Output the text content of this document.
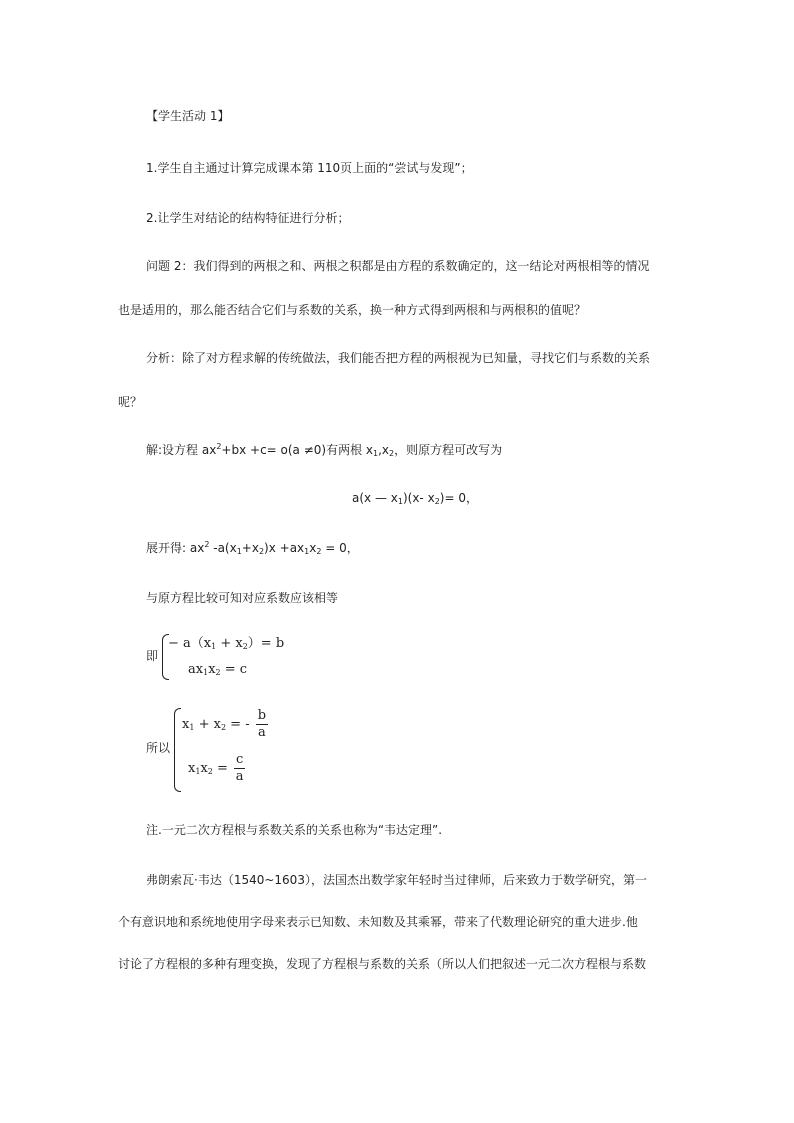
【学生活动 1】
1.学生自主通过计算完成课本第 110页上面的“尝试与发现”；
2.让学生对结论的结构特征进行分析；
问题 2：我们得到的两根之和、两根之积都是由方程的系数确定的，这一结论对两根相等的情况
也是适用的，那么能否结合它们与系数的关系，换一种方式得到两根和与两根积的值呢？
分析：除了对方程求解的传统做法，我们能否把方程的两根视为已知量，寻找它们与系数的关系
呢？
解:设方程 $ax^2+bx +c= o(a \ne 0)$有两根 $x_1,x_2$，则原方程可改写为
a(x — $x_1)(x-$ $x_2)= 0$，
展开得: $ax^2$ $-a(x_1+x_2)x +ax_1x_2 = 0$，
与原方程比较可知对应系数应该相等
即
− $a(x_1 + x_2)= b$
$ax_1x_2 = c$
所以
$x_1 + x_2$ = - $\frac{b}{a}$
$x_1x_2 = \frac{c}{a}$
注.一元二次方程根与系数关系的关系也称为“韦达定理”.
弗朗索瓦·韦达（1540~1603），法国杰出数学家年轻时当过律师，后来致力于数学研究，第一
个有意识地和系统地使用字母来表示已知数、未知数及其乘幂，带来了代数理论研究的重大进步.他
讨论了方程根的多种有理变换，发现了方程根与系数的关系（所以人们把叙述一元二次方程根与系数
